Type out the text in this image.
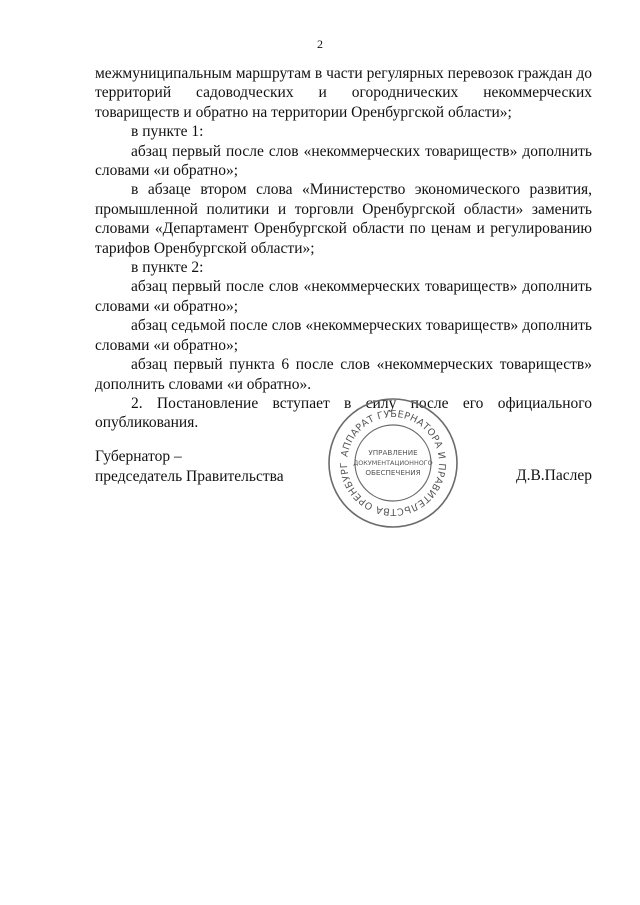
2

межмуниципальным маршрутам в части регулярных перевозок граждан до территорий садоводческих и огороднических некоммерческих товариществ и обратно на территории Оренбургской области»;

в пункте 1:

абзац первый после слов «некоммерческих товариществ» дополнить словами «и обратно»;

в абзаце втором слова «Министерство экономического развития, промышленной политики и торговли Оренбургской области» заменить словами «Департамент Оренбургской области по ценам и регулированию тарифов Оренбургской области»;

в пункте 2:

абзац первый после слов «некоммерческих товариществ» дополнить словами «и обратно»;

абзац седьмой после слов «некоммерческих товариществ» дополнить словами «и обратно»;

абзац первый пункта 6 после слов «некоммерческих товариществ» дополнить словами «и обратно».

2. Постановление вступает в силу после его официального опубликования.

Губернатор –
председатель Правительства
АППАРАТ ГУБЕРНАТОРА И ПРАВИТЕЛЬСТВА ОРЕНБУРГ
УПРАВЛЕНИЕ
ДОКУМЕНТАЦИОННОГО
ОБЕСПЕЧЕНИЯ	Д.В.Паслер
